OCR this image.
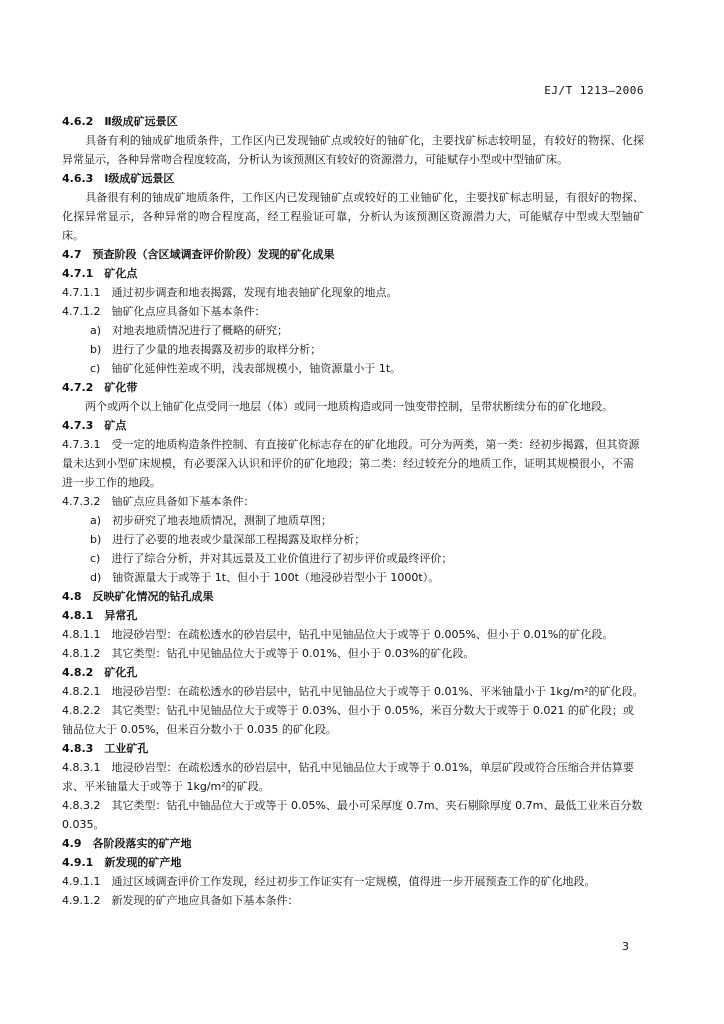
EJ/T 1213—2006
4.6.2　Ⅱ级成矿远景区
具备有利的铀成矿地质条件，工作区内已发现铀矿点或较好的铀矿化，主要找矿标志较明显，有较好的物探、化探异常显示，各种异常吻合程度较高，分析认为该预测区有较好的资源潜力，可能赋存小型或中型铀矿床。
4.6.3　Ⅰ级成矿远景区
具备很有利的铀成矿地质条件，工作区内已发现铀矿点或较好的工业铀矿化，主要找矿标志明显，有很好的物探、化探异常显示，各种异常的吻合程度高，经工程验证可靠，分析认为该预测区资源潜力大，可能赋存中型或大型铀矿床。
4.7　预查阶段（含区域调查评价阶段）发现的矿化成果
4.7.1　矿化点
4.7.1.1　通过初步调查和地表揭露，发现有地表铀矿化现象的地点。
4.7.1.2　铀矿化点应具备如下基本条件：
a)　对地表地质情况进行了概略的研究；
b)　进行了少量的地表揭露及初步的取样分析；
c)　铀矿化延伸性差或不明，浅表部规模小，铀资源量小于 1t。
4.7.2　矿化带
两个或两个以上铀矿化点受同一地层（体）或同一地质构造或同一蚀变带控制，呈带状断续分布的矿化地段。
4.7.3　矿点
4.7.3.1　受一定的地质构造条件控制、有直接矿化标志存在的矿化地段。可分为两类，第一类：经初步揭露，但其资源量未达到小型矿床规模，有必要深入认识和评价的矿化地段；第二类：经过较充分的地质工作，证明其规模很小，不需进一步工作的地段。
4.7.3.2　铀矿点应具备如下基本条件：
a)　初步研究了地表地质情况，测制了地质草图；
b)　进行了必要的地表或少量深部工程揭露及取样分析；
c)　进行了综合分析，并对其远景及工业价值进行了初步评价或最终评价；
d)　铀资源量大于或等于 1t、但小于 100t（地浸砂岩型小于 1000t）。
4.8　反映矿化情况的钻孔成果
4.8.1　异常孔
4.8.1.1　地浸砂岩型：在疏松透水的砂岩层中，钻孔中见铀品位大于或等于 0.005%、但小于 0.01%的矿化段。
4.8.1.2　其它类型：钻孔中见铀品位大于或等于 0.01%、但小于 0.03%的矿化段。
4.8.2　矿化孔
4.8.2.1　地浸砂岩型：在疏松透水的砂岩层中，钻孔中见铀品位大于或等于 0.01%、平米铀量小于 1kg/m²的矿化段。
4.8.2.2　其它类型：钻孔中见铀品位大于或等于 0.03%、但小于 0.05%，米百分数大于或等于 0.021 的矿化段；或铀品位大于 0.05%，但米百分数小于 0.035 的矿化段。
4.8.3　工业矿孔
4.8.3.1　地浸砂岩型：在疏松透水的砂岩层中，钻孔中见铀品位大于或等于 0.01%，单层矿段或符合压缩合并估算要求、平米铀量大于或等于 1kg/m²的矿段。
4.8.3.2　其它类型：钻孔中铀品位大于或等于 0.05%、最小可采厚度 0.7m、夹石剔除厚度 0.7m、最低工业米百分数 0.035。
4.9　各阶段落实的矿产地
4.9.1　新发现的矿产地
4.9.1.1　通过区域调查评价工作发现，经过初步工作证实有一定规模，值得进一步开展预查工作的矿化地段。
4.9.1.2　新发现的矿产地应具备如下基本条件：
3
